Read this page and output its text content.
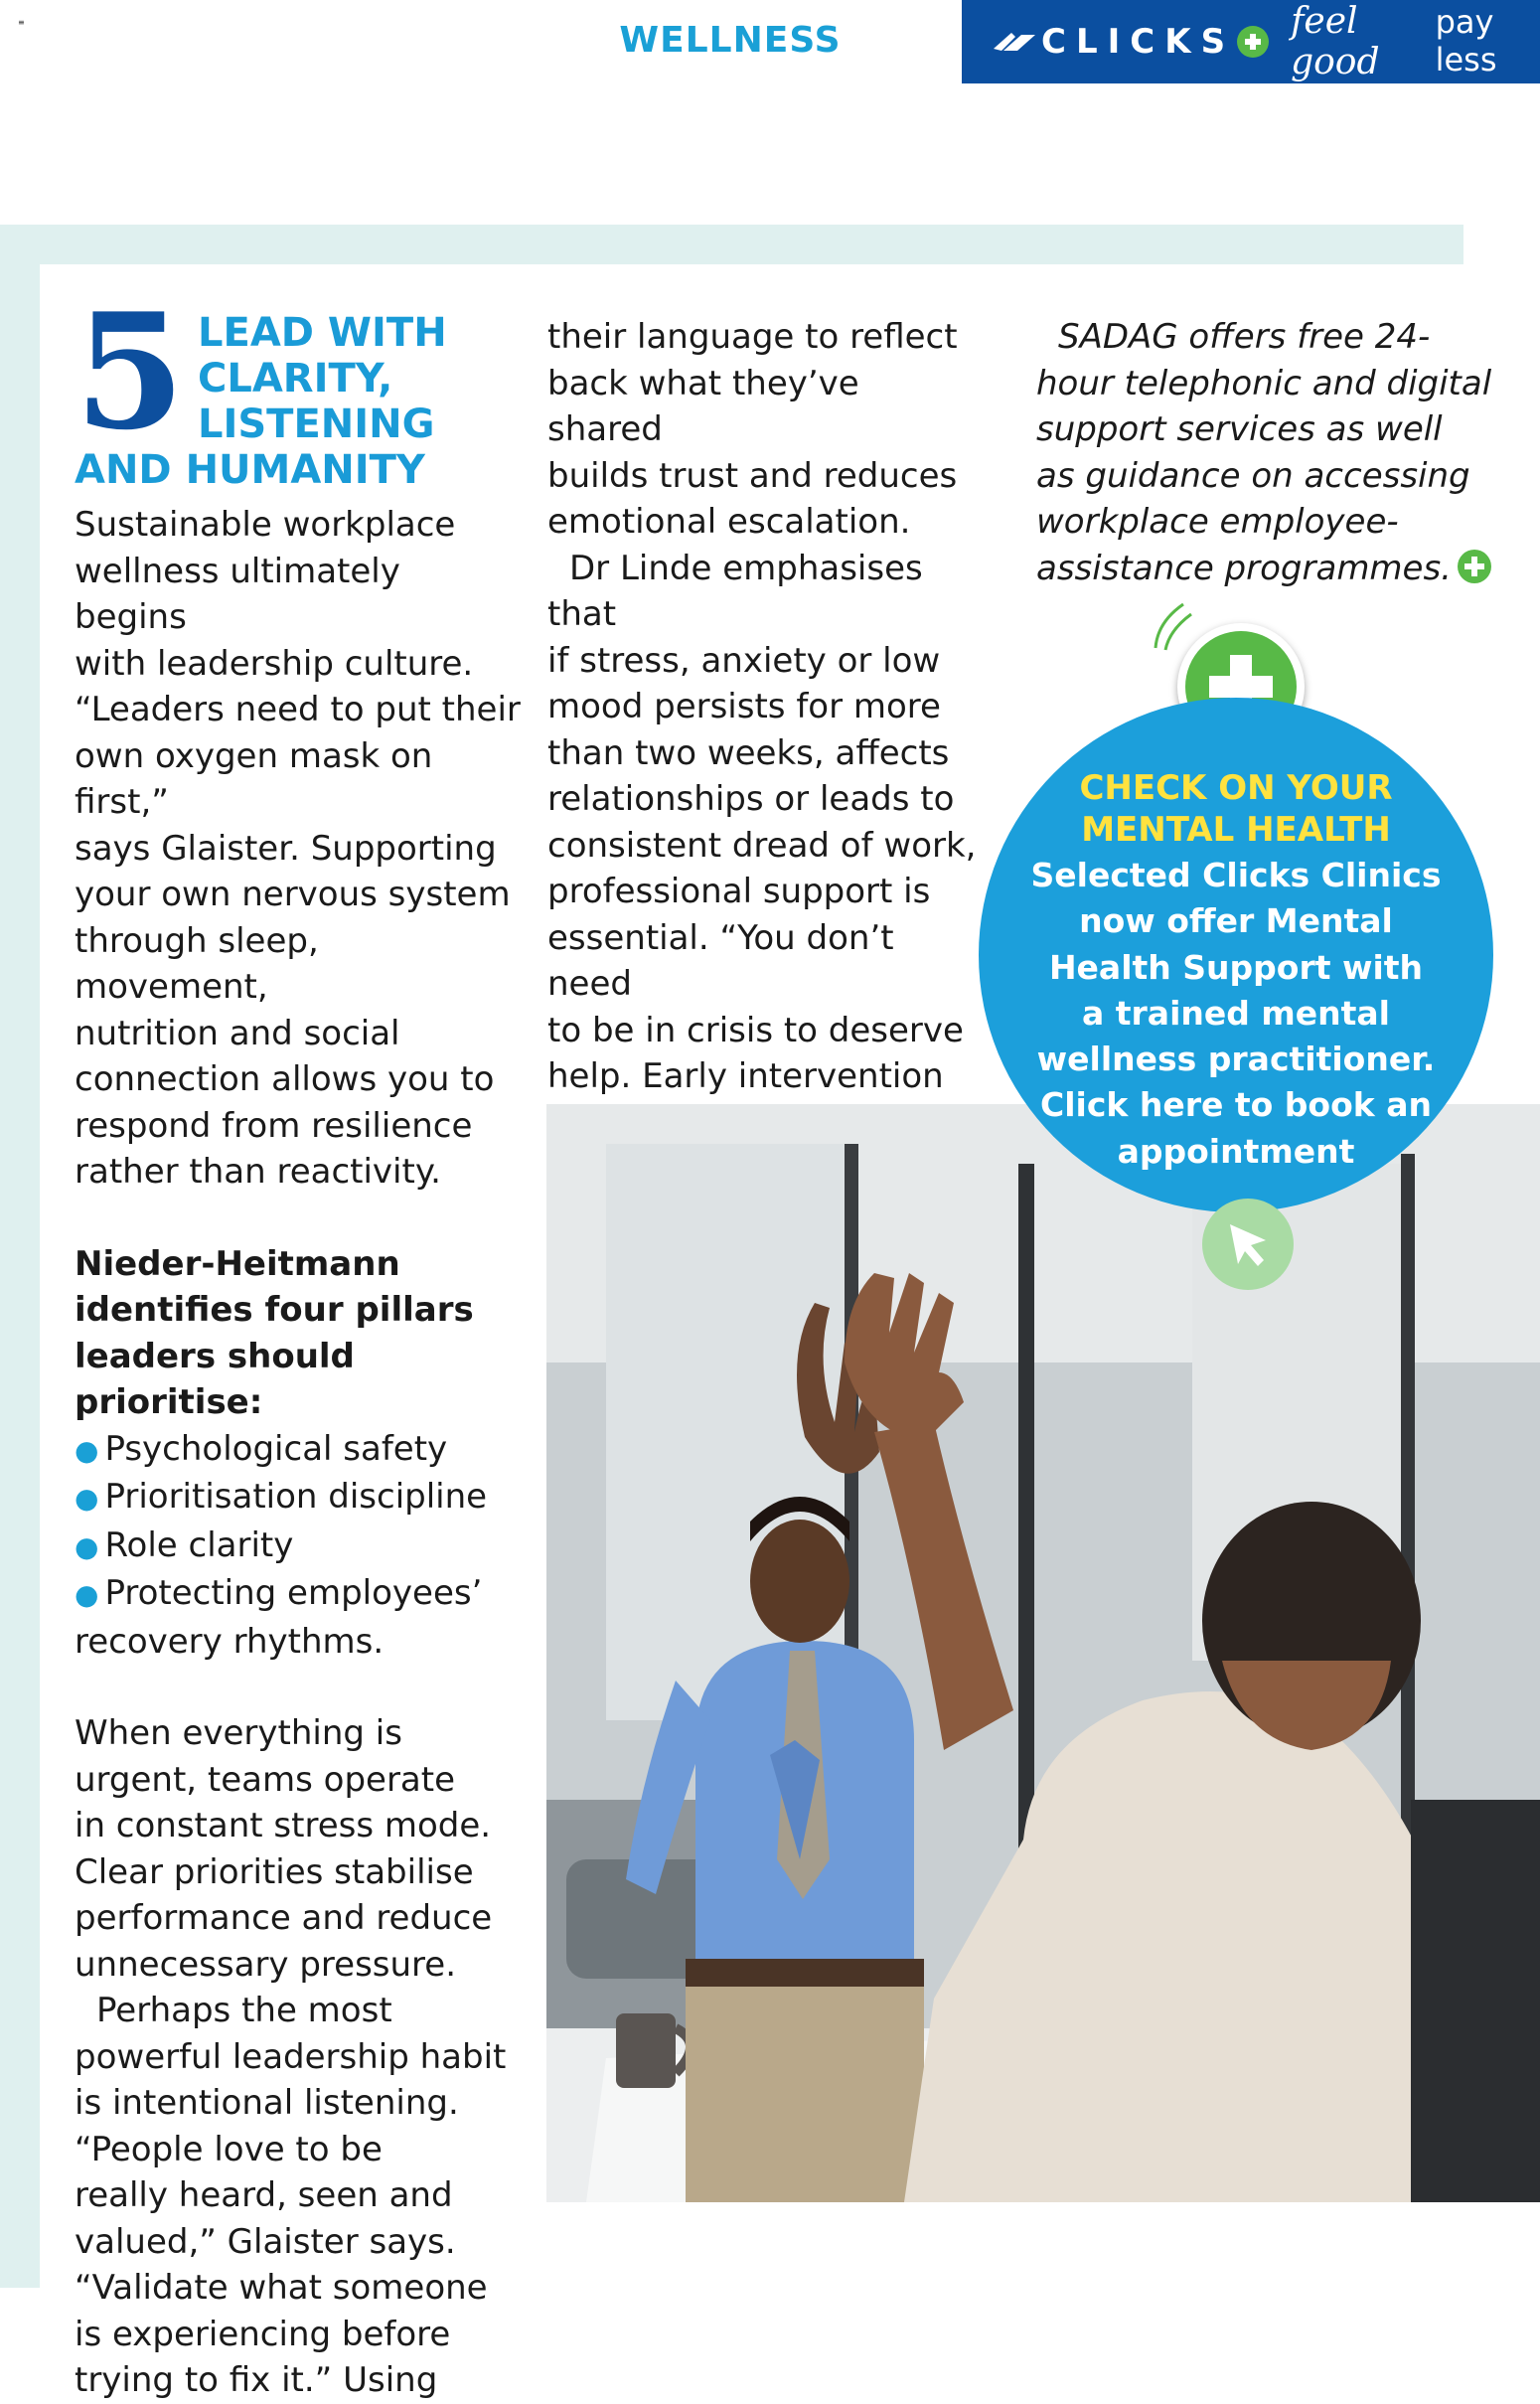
≡	WELLNESS	CLICKS feel good
pay less
5 LEAD WITH
CLARITY,
LISTENING
AND HUMANITY

Sustainable workplace

wellness ultimately begins

with leadership culture.

“Leaders need to put their

own oxygen mask on first,”

says Glaister. Supporting

your own nervous system

through sleep, movement,

nutrition and social

connection allows you to

respond from resilience

rather than reactivity.

Nieder-Heitmann

identifies four pillars

leaders should prioritise:

● Psychological safety

● Prioritisation discipline

● Role clarity

● Protecting employees’

recovery rhythms.

When everything is

urgent, teams operate

in constant stress mode.

Clear priorities stabilise

performance and reduce

unnecessary pressure.

Perhaps the most

powerful leadership habit

is intentional listening.

“People love to be

really heard, seen and

valued,” Glaister says.

“Validate what someone

is experiencing before

trying to fix it.” Using

their language to reflect

back what they’ve shared

builds trust and reduces

emotional escalation.

Dr Linde emphasises that

if stress, anxiety or low

mood persists for more

than two weeks, affects

relationships or leads to

consistent dread of work,

professional support is

essential. “You don’t need

to be in crisis to deserve

help. Early intervention

SADAG offers free 24-

hour telephonic and digital

support services as well

as guidance on accessing

workplace employee-

assistance programmes.

CHECK ON YOUR
MENTAL HEALTH
Selected Clicks Clinics
now offer Mental
Health Support with
a trained mental
wellness practitioner.
Click here to book an
appointment
